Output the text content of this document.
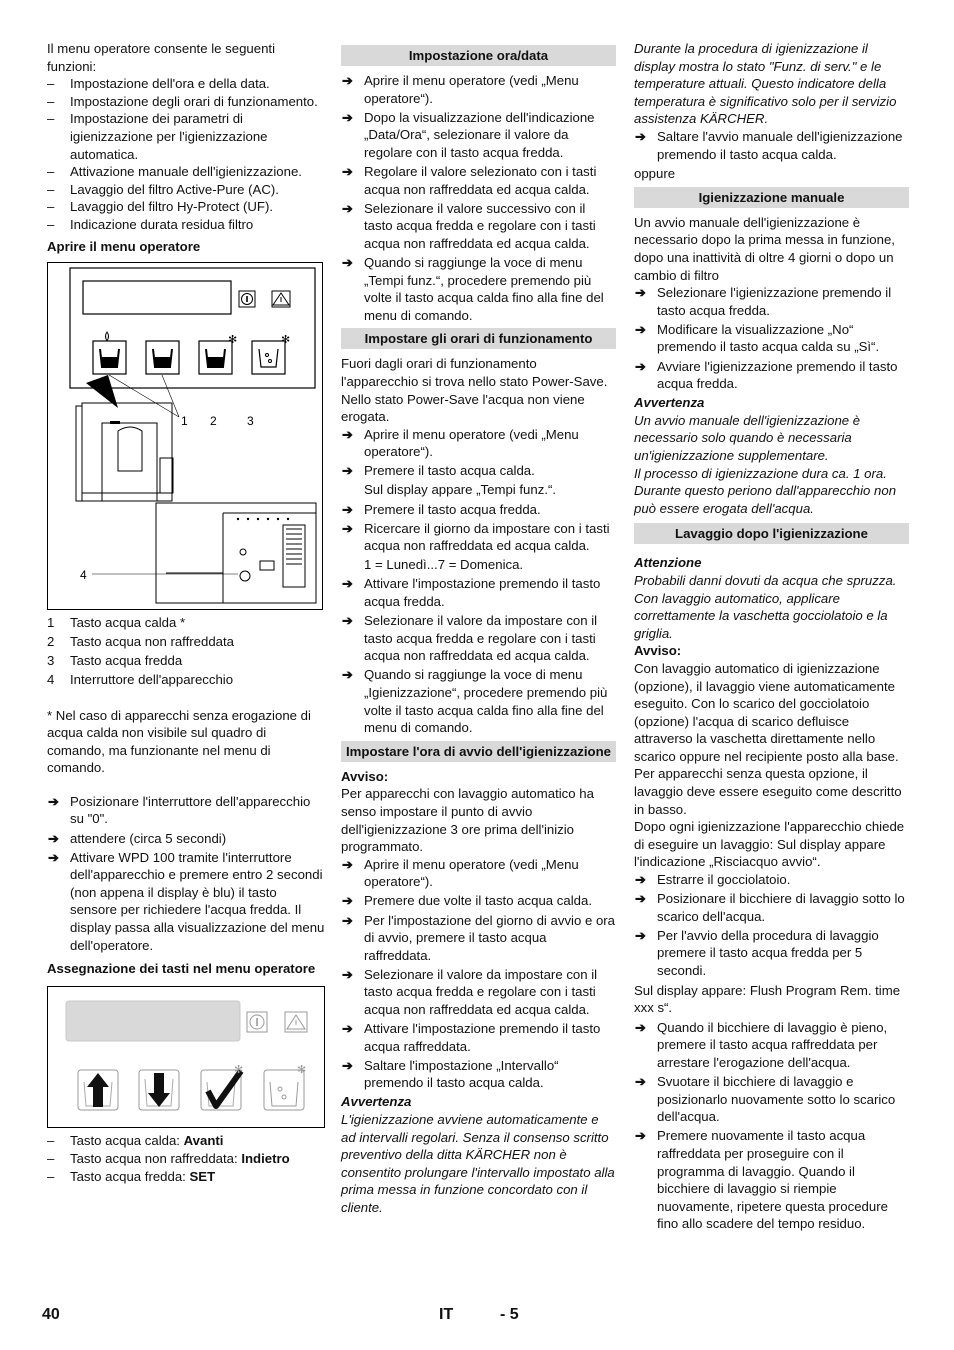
Il menu operatore consente le seguenti funzioni:

– Impostazione dell'ora e della data.
– Impostazione degli orari di funzionamento.
– Impostazione dei parametri di igienizzazione per l'igienizzazione automatica.
– Attivazione manuale dell'igienizzazione.
– Lavaggio del filtro Active-Pure (AC).
– Lavaggio del filtro Hy-Protect (UF).
– Indicazione durata residua filtro

Aprire il menu operatore

✻	✻
1 2	3
4
1 Tasto acqua calda *
2 Tasto acqua non raffreddata
3 Tasto acqua fredda
4 Interruttore dell'apparecchio

* Nel caso di apparecchi senza erogazione di acqua calda non visibile sul quadro di comando, ma funzionante nel menu di comando.

➔ Posizionare l'interruttore dell'apparecchio su "0".
➔ attendere (circa 5 secondi)
➔ Attivare WPD 100 tramite l'interruttore dell'apparecchio e premere entro 2 secondi (non appena il display è blu) il tasto sensore per richiedere l'acqua fredda. Il display passa alla visualizzazione del menu dell'operatore.

Assegnazione dei tasti nel menu operatore

✻	✻
– Tasto acqua calda: Avanti
– Tasto acqua non raffreddata: Indietro
– Tasto acqua fredda: SET
Impostazione ora/data
➔ Aprire il menu operatore (vedi „Menu operatore“).
➔ Dopo la visualizzazione dell'indicazione „Data/Ora“, selezionare il valore da regolare con il tasto acqua fredda.
➔ Regolare il valore selezionato con i tasti acqua non raffreddata ed acqua calda.
➔ Selezionare il valore successivo con il tasto acqua fredda e regolare con i tasti acqua non raffreddata ed acqua calda.
➔ Quando si raggiunge la voce di menu „Tempi funz.“, procedere premendo più volte il tasto acqua calda fino alla fine del menu di comando.
Impostare gli orari di funzionamento

Fuori dagli orari di funzionamento l'apparecchio si trova nello stato Power-Save. Nello stato Power-Save l'acqua non viene erogata.

➔ Aprire il menu operatore (vedi „Menu operatore“).
➔ Premere il tasto acqua calda.

Sul display appare „Tempi funz.“.

➔ Premere il tasto acqua fredda.
➔ Ricercare il giorno da impostare con i tasti acqua non raffreddata ed acqua calda.

1 = Lunedì...7 = Domenica.

➔ Attivare l'impostazione premendo il tasto acqua fredda.
➔ Selezionare il valore da impostare con il tasto acqua fredda e regolare con i tasti acqua non raffreddata ed acqua calda.
➔ Quando si raggiunge la voce di menu „Igienizzazione“, procedere premendo più volte il tasto acqua calda fino alla fine del menu di comando.
Impostare l'ora di avvio dell'igienizzazione

Avviso:

Per apparecchi con lavaggio automatico ha senso impostare il punto di avvio dell'igienizzazione 3 ore prima dell'inizio programmato.

➔ Aprire il menu operatore (vedi „Menu operatore“).
➔ Premere due volte il tasto acqua calda.
➔ Per l'impostazione del giorno di avvio e ora di avvio, premere il tasto acqua raffreddata.
➔ Selezionare il valore da impostare con il tasto acqua fredda e regolare con i tasti acqua non raffreddata ed acqua calda.
➔ Attivare l'impostazione premendo il tasto acqua raffreddata.
➔ Saltare l'impostazione „Intervallo“ premendo il tasto acqua calda.

Avvertenza

L'igienizzazione avviene automaticamente e ad intervalli regolari. Senza il consenso scritto preventivo della ditta KÄRCHER non è consentito prolungare l'intervallo impostato alla prima messa in funzione concordato con il cliente.

Durante la procedura di igienizzazione il display mostra lo stato "Funz. di serv." e le temperature attuali. Questo indicatore della temperatura è significativo solo per il servizio assistenza KÄRCHER.

➔ Saltare l'avvio manuale dell'igienizzazione premendo il tasto acqua calda.

oppure

Igienizzazione manuale

Un avvio manuale dell'igienizzazione è necessario dopo la prima messa in funzione, dopo una inattività di oltre 4 giorni o dopo un cambio di filtro

➔ Selezionare l'igienizzazione premendo il tasto acqua fredda.
➔ Modificare la visualizzazione „No“ premendo il tasto acqua calda su „Sì“.
➔ Avviare l'igienizzazione premendo il tasto acqua fredda.

Avvertenza

Un avvio manuale dell'igienizzazione è necessario solo quando è necessaria un'igienizzazione supplementare.

Il processo di igienizzazione dura ca. 1 ora. Durante questo periono dall'apparecchio non può essere erogata dell'acqua.

Lavaggio dopo l'igienizzazione

Attenzione

Probabili danni dovuti da acqua che spruzza. Con lavaggio automatico, applicare correttamente la vaschetta gocciolatoio e la griglia.

Avviso:

Con lavaggio automatico di igienizzazione (opzione), il lavaggio viene automaticamente eseguito. Con lo scarico del gocciolatoio (opzione) l'acqua di scarico defluisce attraverso la vaschetta direttamente nello scarico oppure nel recipiente posto alla base. Per apparecchi senza questa opzione, il lavaggio deve essere eseguito come descritto in basso.

Dopo ogni igienizzazione l'apparecchio chiede di eseguire un lavaggio: Sul display appare l'indicazione „Risciacquo avvio“.

➔ Estrarre il gocciolatoio.
➔ Posizionare il bicchiere di lavaggio sotto lo scarico dell'acqua.
➔ Per l'avvio della procedura di lavaggio premere il tasto acqua fredda per 5 secondi.

Sul display appare: Flush Program Rem. time xxx s“.

➔ Quando il bicchiere di lavaggio è pieno, premere il tasto acqua raffreddata per arrestare l'erogazione dell'acqua.
➔ Svuotare il bicchiere di lavaggio e posizionarlo nuovamente sotto lo scarico dell'acqua.
➔ Premere nuovamente il tasto acqua raffreddata per proseguire con il programma di lavaggio. Quando il bicchiere di lavaggio si riempie nuovamente, ripetere questa procedure fino allo scadere del tempo residuo.
40	IT	- 5
